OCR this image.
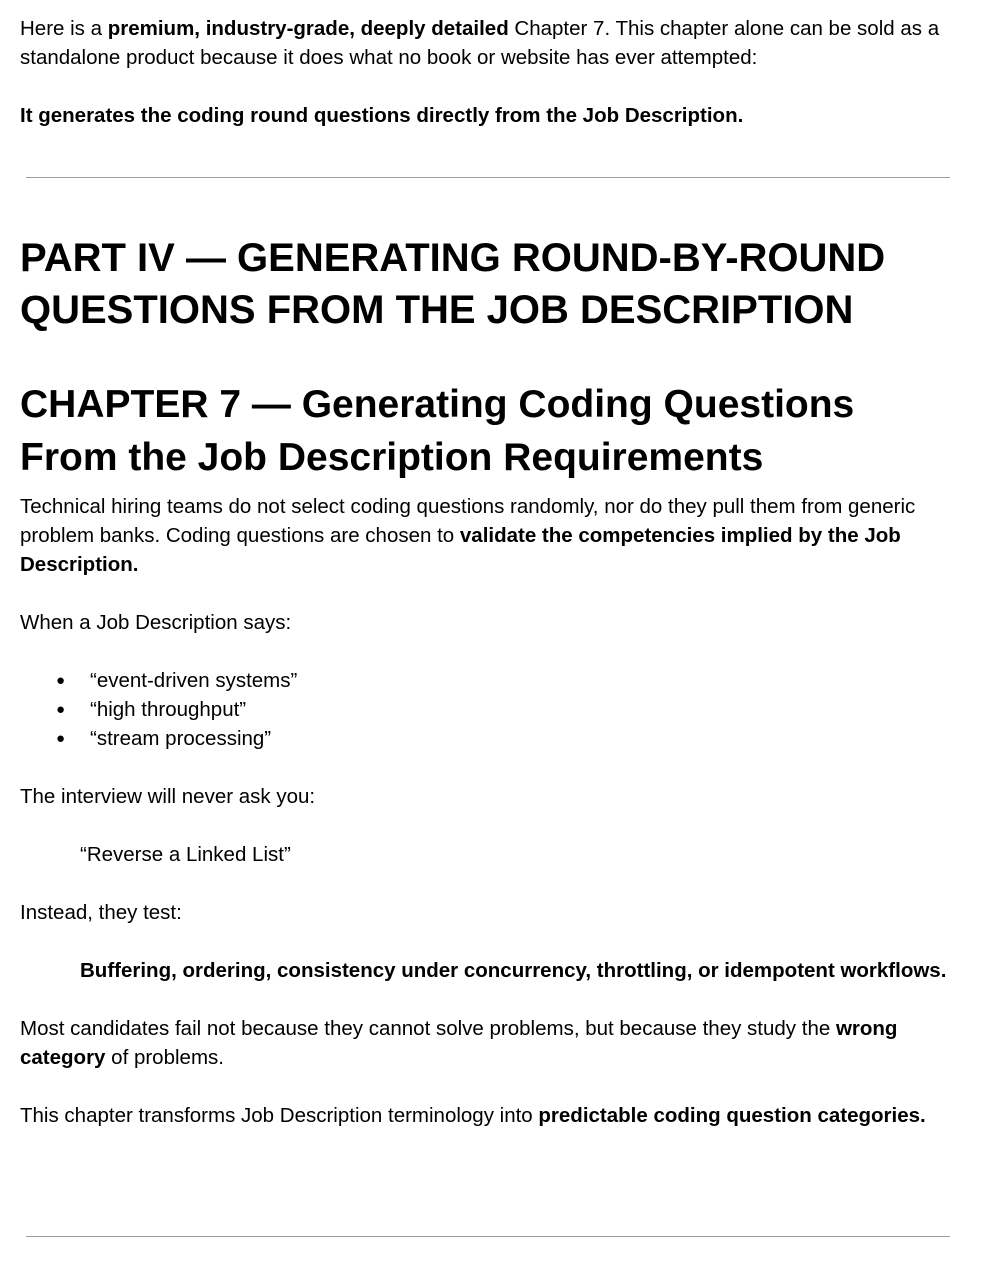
Here is a premium, industry-grade, deeply detailed Chapter 7. This chapter alone can be sold as a standalone product because it does what no book or website has ever attempted:

It generates the coding round questions directly from the Job Description.

PART IV — GENERATING ROUND-BY-ROUND QUESTIONS FROM THE JOB DESCRIPTION
CHAPTER 7 — Generating Coding Questions From the Job Description Requirements

Technical hiring teams do not select coding questions randomly, nor do they pull them from generic problem banks. Coding questions are chosen to validate the competencies implied by the Job Description.

When a Job Description says:

● “event-driven systems”
● “high throughput”
● “stream processing”

The interview will never ask you:

“Reverse a Linked List”

Instead, they test:

Buffering, ordering, consistency under concurrency, throttling, or idempotent workflows.

Most candidates fail not because they cannot solve problems, but because they study the wrong category of problems.

This chapter transforms Job Description terminology into predictable coding question categories.
